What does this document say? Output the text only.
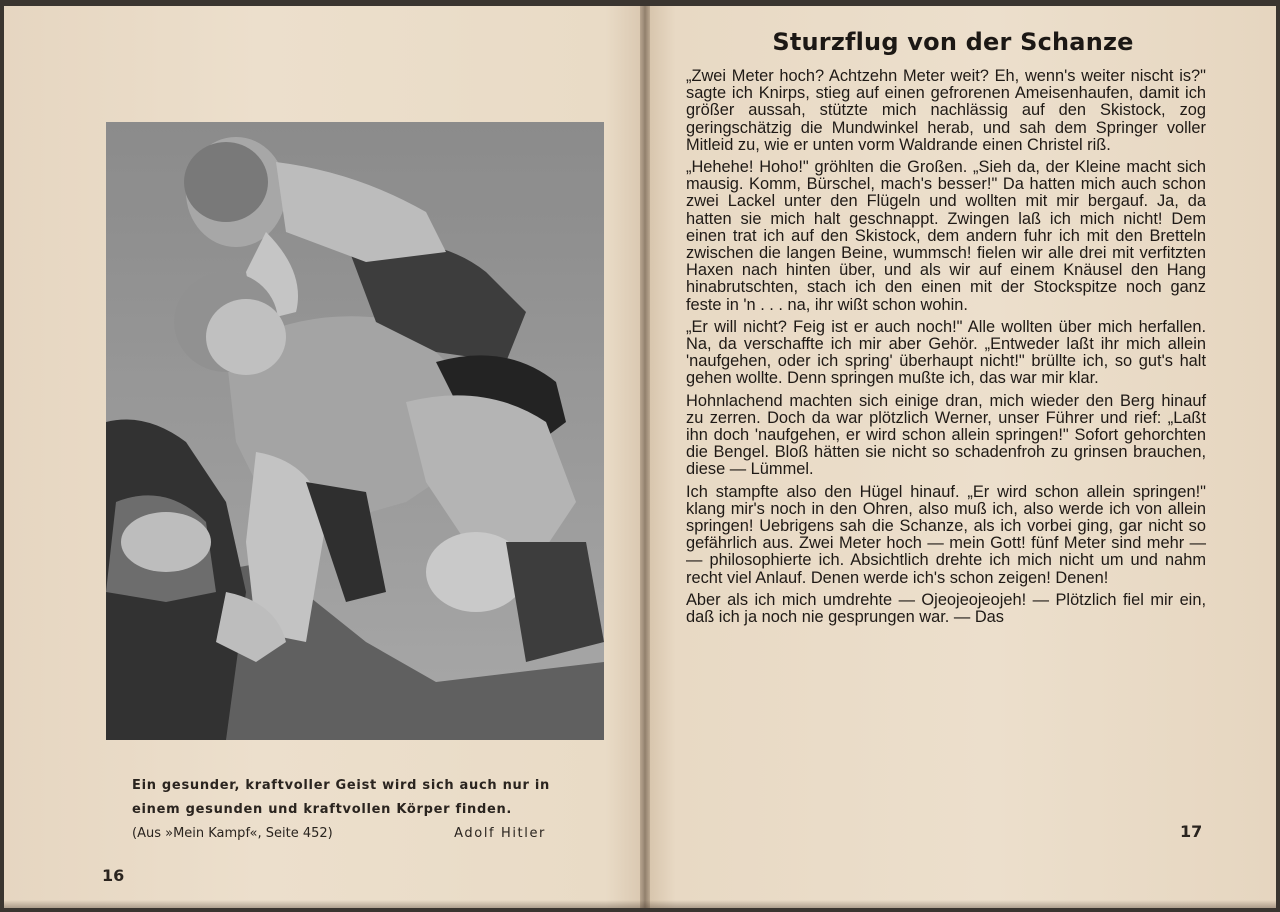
Ein gesunder, kraftvoller Geist wird sich auch nur in einem gesunden und kraftvollen Körper finden.
(Aus »Mein Kampf«, Seite 452)	Adolf Hitler
16
Sturzflug von der Schanze

„Zwei Meter hoch? Achtzehn Meter weit? Eh, wenn's weiter nischt is?" sagte ich Knirps, stieg auf einen gefrorenen Ameisenhaufen, damit ich größer aussah, stützte mich nachlässig auf den Skistock, zog geringschätzig die Mundwinkel herab, und sah dem Springer voller Mitleid zu, wie er unten vorm Waldrande einen Christel riß.

„Hehehe! Hoho!" gröhlten die Großen. „Sieh da, der Kleine macht sich mausig. Komm, Bürschel, mach's besser!" Da hatten mich auch schon zwei Lackel unter den Flügeln und wollten mit mir bergauf. Ja, da hatten sie mich halt geschnappt. Zwingen laß ich mich nicht! Dem einen trat ich auf den Skistock, dem andern fuhr ich mit den Bretteln zwischen die langen Beine, wummsch! fielen wir alle drei mit verfitzten Haxen nach hinten über, und als wir auf einem Knäusel den Hang hinabrutschten, stach ich den einen mit der Stockspitze noch ganz feste in 'n . . . na, ihr wißt schon wohin.

„Er will nicht? Feig ist er auch noch!" Alle wollten über mich herfallen. Na, da verschaffte ich mir aber Gehör. „Entweder laßt ihr mich allein 'naufgehen, oder ich spring' überhaupt nicht!" brüllte ich, so gut's halt gehen wollte. Denn springen mußte ich, das war mir klar.

Hohnlachend machten sich einige dran, mich wieder den Berg hinauf zu zerren. Doch da war plötzlich Werner, unser Führer und rief: „Laßt ihn doch 'naufgehen, er wird schon allein springen!" Sofort gehorchten die Bengel. Bloß hätten sie nicht so schadenfroh zu grinsen brauchen, diese — Lümmel.

Ich stampfte also den Hügel hinauf. „Er wird schon allein springen!" klang mir's noch in den Ohren, also muß ich, also werde ich von allein springen! Uebrigens sah die Schanze, als ich vorbei ging, gar nicht so gefährlich aus. Zwei Meter hoch — mein Gott! fünf Meter sind mehr — — philosophierte ich. Absichtlich drehte ich mich nicht um und nahm recht viel Anlauf. Denen werde ich's schon zeigen! Denen!

Aber als ich mich umdrehte — Ojeojeojeojeh! — Plötzlich fiel mir ein, daß ich ja noch nie gesprungen war. — Das

17
